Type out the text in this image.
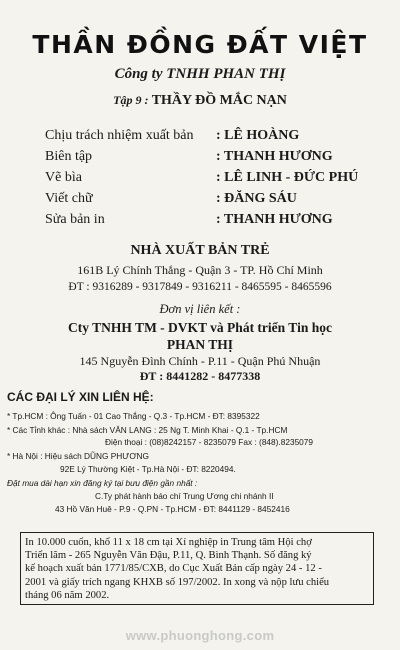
THẦN ĐỒNG ĐẤT VIỆT
Công ty TNHH PHAN THỊ
Tập 9 : THẦY ĐỒ MẮC NẠN
Chịu trách nhiệm xuất bản	: LÊ HOÀNG
Biên tập	: THANH HƯƠNG
Vẽ bìa	: LÊ LINH - ĐỨC PHÚ
Viết chữ	: ĐĂNG SÁU
Sửa bản in	: THANH HƯƠNG
NHÀ XUẤT BẢN TRẺ
161B Lý Chính Thắng - Quận 3 - TP. Hồ Chí Minh
ĐT : 9316289 - 9317849 - 9316211 - 8465595 - 8465596
Đơn vị liên kết :
Cty TNHH TM - DVKT và Phát triển Tin học
PHAN THỊ
145 Nguyễn Đình Chính - P.11 - Quận Phú Nhuận
ĐT : 8441282 - 8477338
CÁC ĐẠI LÝ XIN LIÊN HỆ:
* Tp.HCM : Ông Tuấn - 01 Cao Thắng - Q.3 - Tp.HCM - ĐT: 8395322
* Các Tỉnh khác : Nhà sách VĂN LANG : 25 Ng T. Minh Khai - Q.1 - Tp.HCM
Điện thoại : (08)8242157 - 8235079 Fax : (848).8235079
* Hà Nội : Hiệu sách DŨNG PHƯƠNG
92E Lý Thường Kiệt - Tp.Hà Nội - ĐT: 8220494.
Đặt mua dài hạn xin đăng ký tại bưu điện gần nhất :
C.Ty phát hành báo chí Trung Ương chi nhánh II
43 Hồ Văn Huê - P.9 - Q.PN - Tp.HCM - ĐT: 8441129 - 8452416
In 10.000 cuốn, khổ 11 x 18 cm tại Xí nghiệp in Trung tâm Hội chợ
Triển lãm - 265 Nguyễn Văn Đậu, P.11, Q. Bình Thạnh. Số đăng ký
kế hoạch xuất bản 1771/85/CXB, do Cục Xuất Bản cấp ngày 24 - 12 -
2001 và giấy trích ngang KHXB số 197/2002. In xong và nộp lưu chiểu
tháng 06 năm 2002.
www.phuonghong.com
